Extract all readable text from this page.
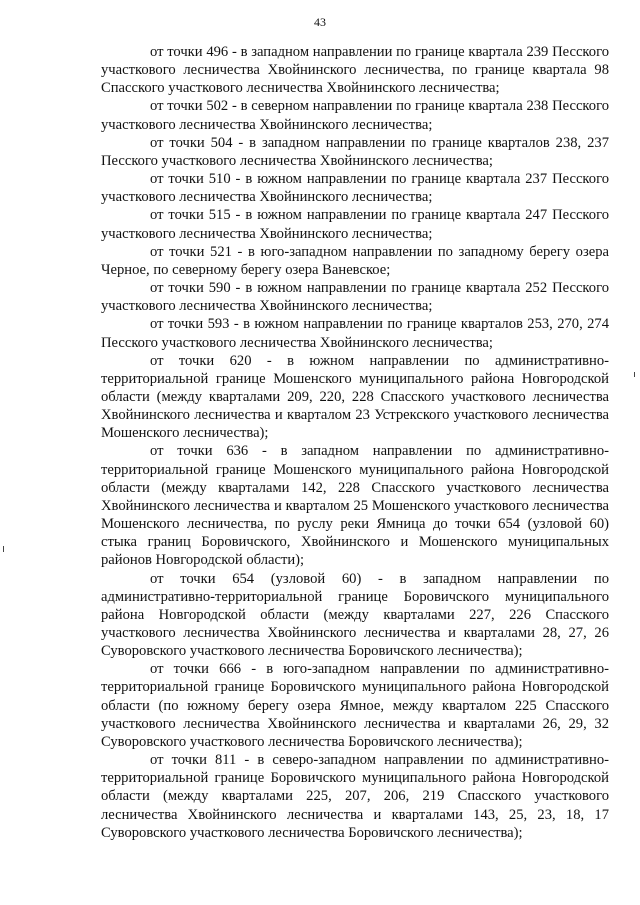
43

от точки 496 - в западном направлении по границе квартала 239 Песского участкового лесничества Хвойнинского лесничества, по границе квартала 98 Спасского участкового лесничества Хвойнинского лесничества;

от точки 502 - в северном направлении по границе квартала 238 Песского участкового лесничества Хвойнинского лесничества;

от точки 504 - в западном направлении по границе кварталов 238, 237 Песского участкового лесничества Хвойнинского лесничества;

от точки 510 - в южном направлении по границе квартала 237 Песского участкового лесничества Хвойнинского лесничества;

от точки 515 - в южном направлении по границе квартала 247 Песского участкового лесничества Хвойнинского лесничества;

от точки 521 - в юго-западном направлении по западному берегу озера Черное, по северному берегу озера Ваневское;

от точки 590 - в южном направлении по границе квартала 252 Песского участкового лесничества Хвойнинского лесничества;

от точки 593 - в южном направлении по границе кварталов 253, 270, 274 Песского участкового лесничества Хвойнинского лесничества;

от точки 620 - в южном направлении по административно-территориальной границе Мошенского муниципального района Новгородской области (между кварталами 209, 220, 228 Спасского участкового лесничества Хвойнинского лесничества и кварталом 23 Устрекского участкового лесничества Мошенского лесничества);

от точки 636 - в западном направлении по административно-территориальной границе Мошенского муниципального района Новгородской области (между кварталами 142, 228 Спасского участкового лесничества Хвойнинского лесничества и кварталом 25 Мошенского участкового лесничества Мошенского лесничества, по руслу реки Ямница до точки 654 (узловой 60) стыка границ Боровичского, Хвойнинского и Мошенского муниципальных районов Новгородской области);

от точки 654 (узловой 60) - в западном направлении по административно-территориальной границе Боровичского муниципального района Новгородской области (между кварталами 227, 226 Спасского участкового лесничества Хвойнинского лесничества и кварталами 28, 27, 26 Суворовского участкового лесничества Боровичского лесничества);

от точки 666 - в юго-западном направлении по административно-территориальной границе Боровичского муниципального района Новгородской области (по южному берегу озера Ямное, между кварталом 225 Спасского участкового лесничества Хвойнинского лесничества и кварталами 26, 29, 32 Суворовского участкового лесничества Боровичского лесничества);

от точки 811 - в северо-западном направлении по административно-территориальной границе Боровичского муниципального района Новгородской области (между кварталами 225, 207, 206, 219 Спасского участкового лесничества Хвойнинского лесничества и кварталами 143, 25, 23, 18, 17 Суворовского участкового лесничества Боровичского лесничества);
